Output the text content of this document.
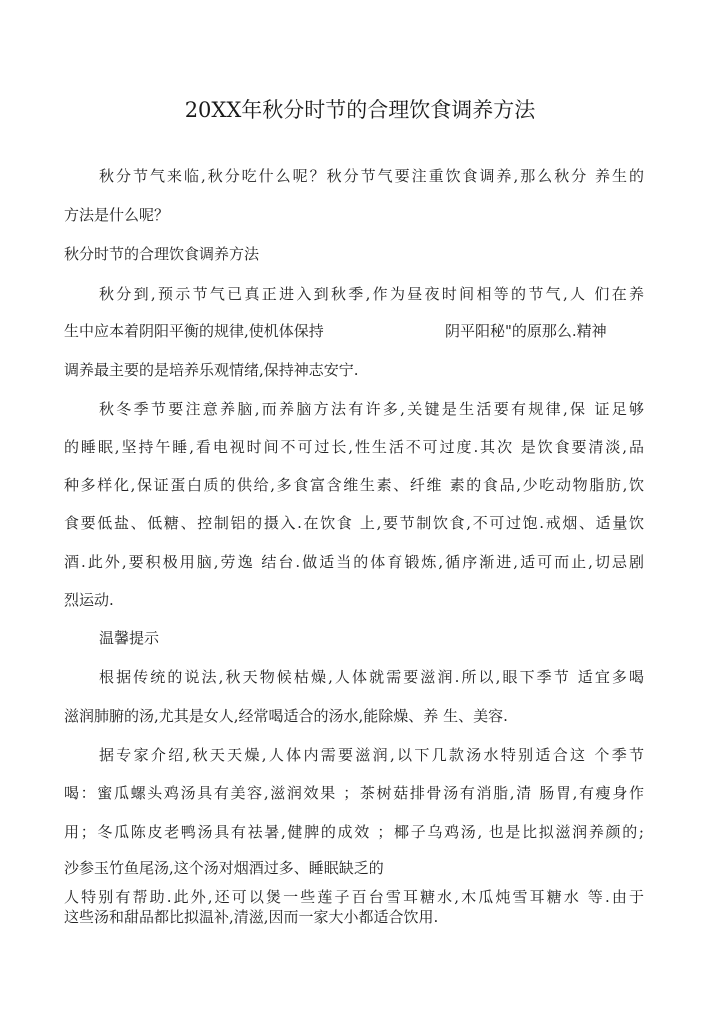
20XX年秋分时节的合理饮食调养方法
秋分节气来临,秋分吃什么呢？秋分节气要注重饮食调养,那么秋分 养生的
方法是什么呢？
秋分时节的合理饮食调养方法
秋分到,预示节气已真正进入到秋季,作为昼夜时间相等的节气,人 们在养
生中应本着阴阳平衡的规律,使机体保持	阴平阳秘"的原那么.精神
调养最主要的是培养乐观情绪,保持神志安宁.
秋冬季节要注意养脑,而养脑方法有许多,关键是生活要有规律,保 证足够
的睡眠,坚持午睡,看电视时间不可过长,性生活不可过度.其次 是饮食要清淡,品
种多样化,保证蛋白质的供给,多食富含维生素、纤维 素的食品,少吃动物脂肪,饮
食要低盐、低糖、控制铝的摄入.在饮食 上,要节制饮食,不可过饱.戒烟、适量饮
酒.此外,要积极用脑,劳逸 结台.做适当的体育锻炼,循序渐进,适可而止,切忌剧
烈运动.
温馨提示
根据传统的说法,秋天物候枯燥,人体就需要滋润.所以,眼下季节 适宜多喝
滋润肺腑的汤,尤其是女人,经常喝适合的汤水,能除燥、养 生、美容.
据专家介绍,秋天天燥,人体内需要滋润,以下几款汤水特别适合这 个季节
喝：蜜瓜螺头鸡汤具有美容,滋润效果 ；茶树菇排骨汤有消脂,清 肠胃,有瘦身作
用；冬瓜陈皮老鸭汤具有祛暑,健脾的成效 ；椰子乌鸡汤, 也是比拟滋润养颜的;
沙参玉竹鱼尾汤,这个汤对烟酒过多、睡眠缺乏的
人特别有帮助.此外,还可以煲一些莲子百台雪耳糖水,木瓜炖雪耳糖水 等.由于
这些汤和甜品都比拟温补,清滋,因而一家大小都适合饮用.
